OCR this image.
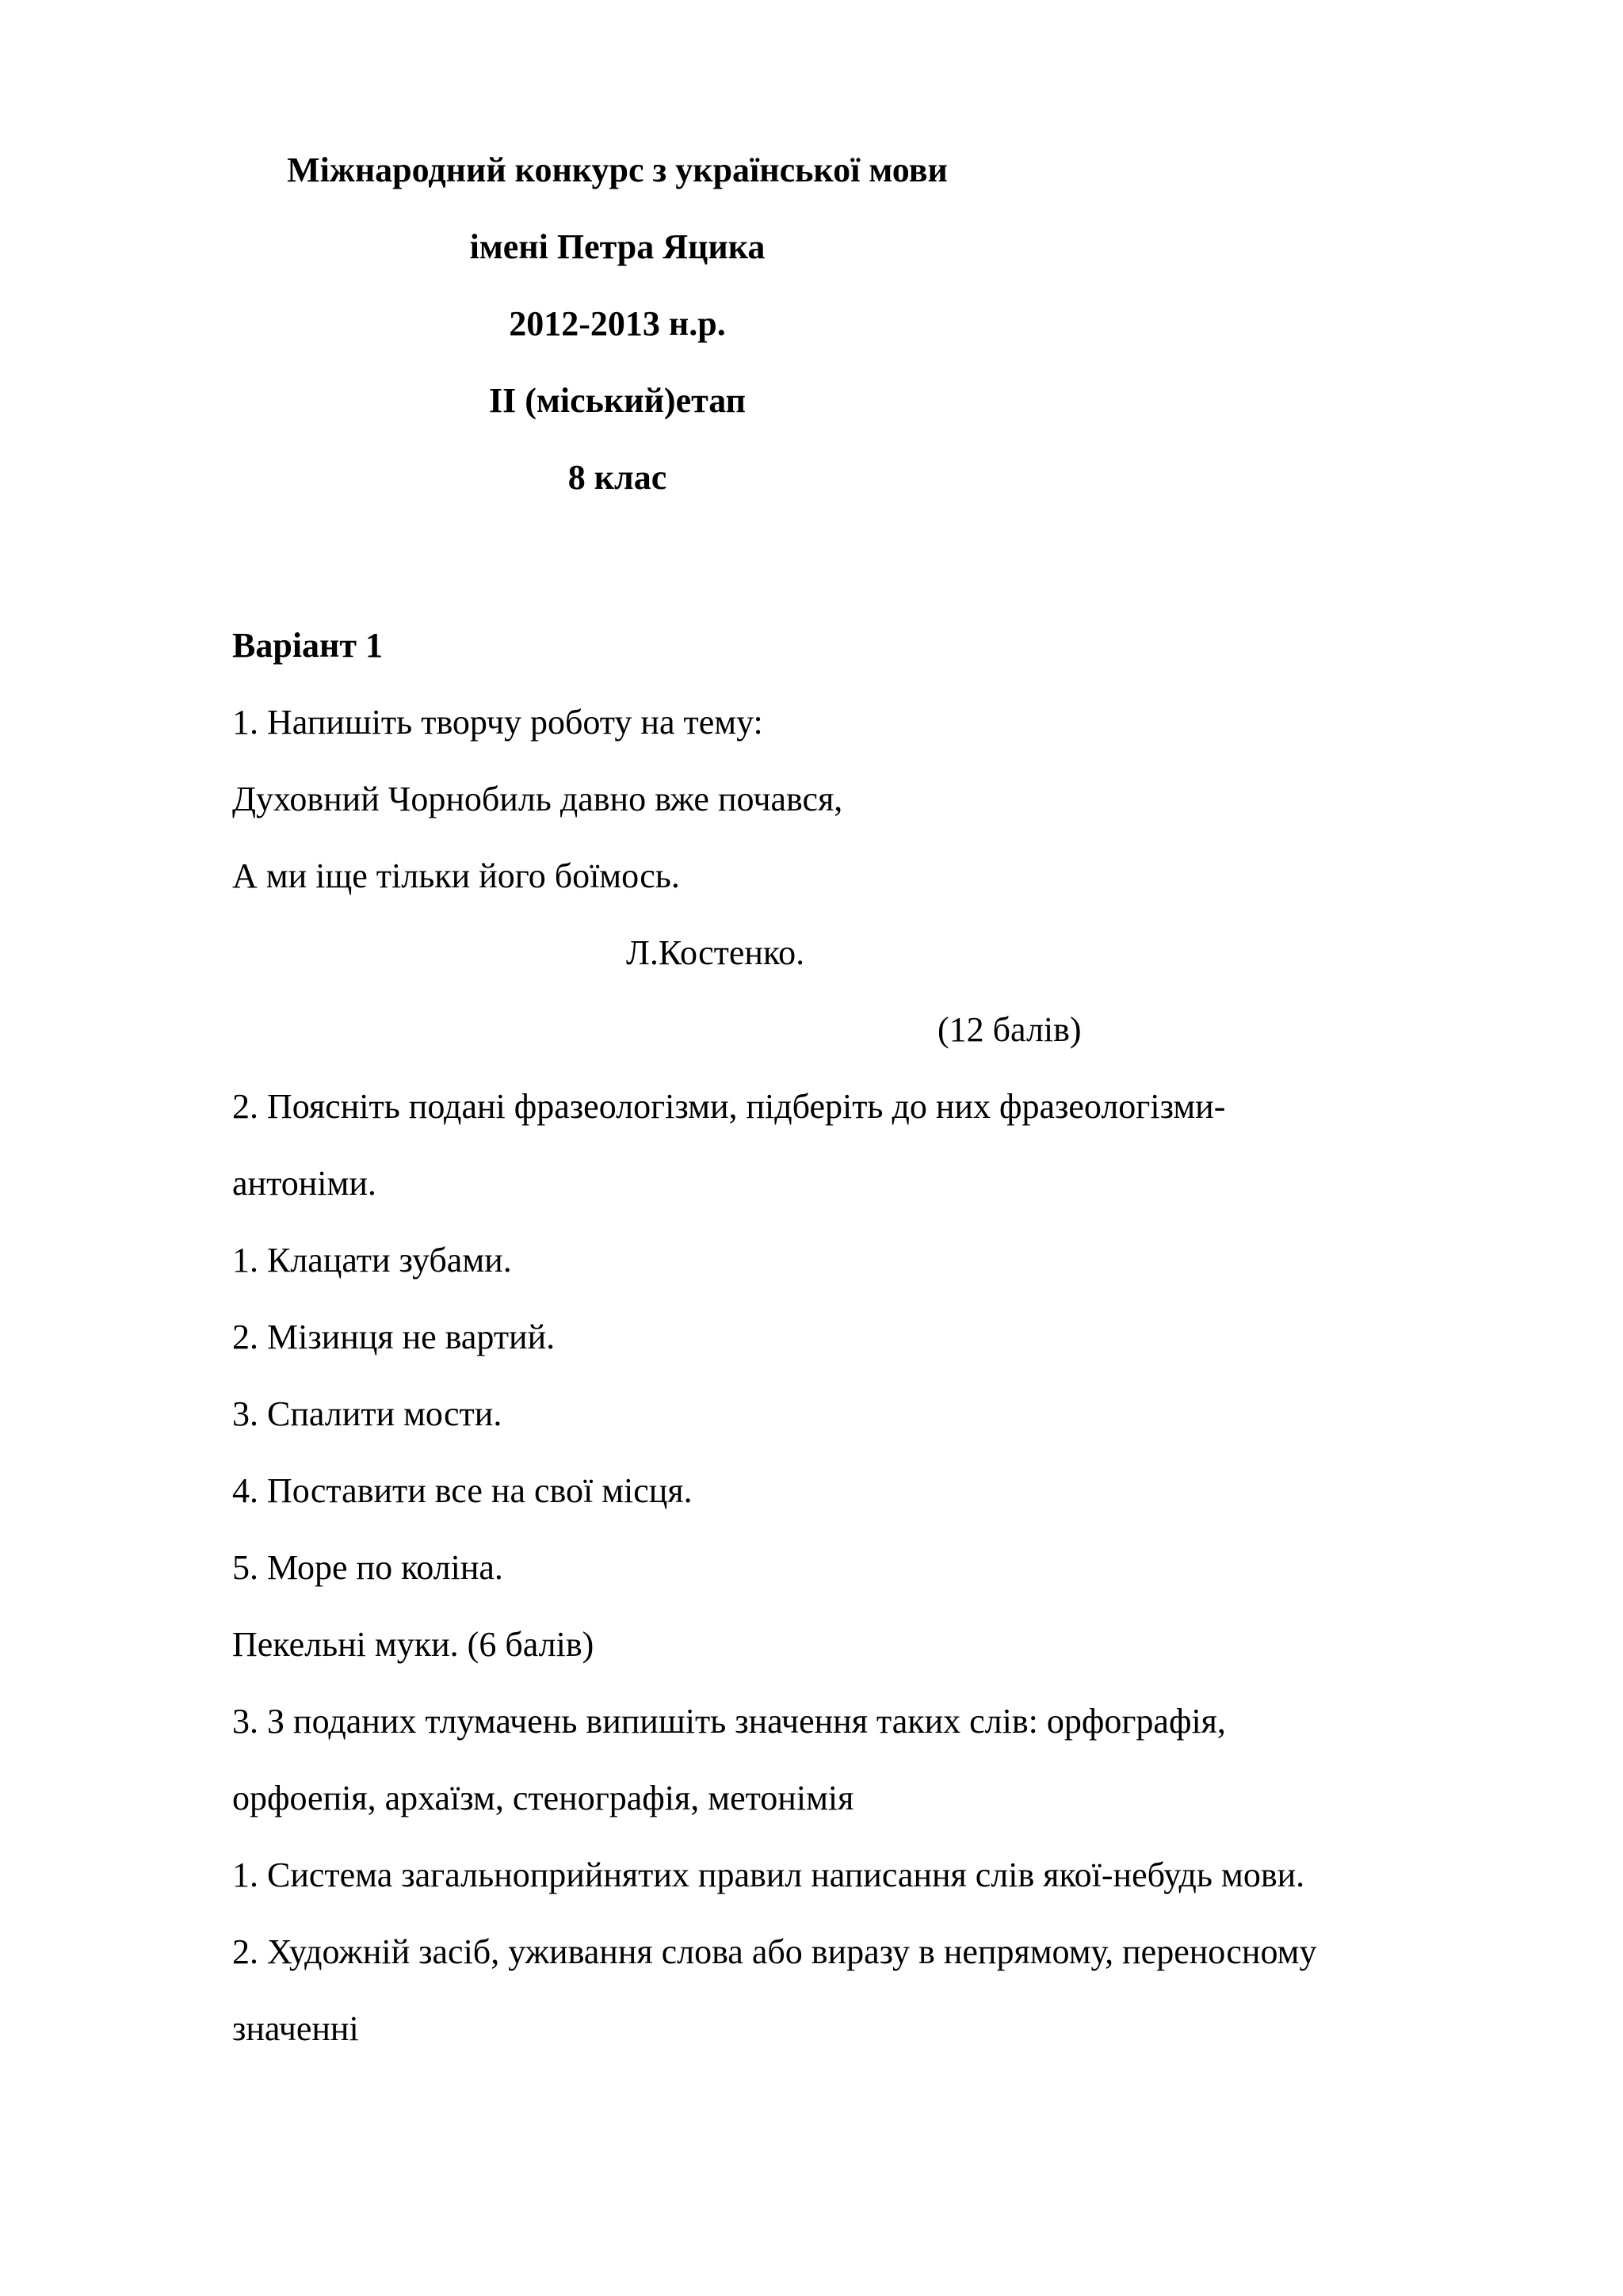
Міжнародний конкурс з української мови
імені Петра Яцика
2012-2013 н.р.
ІІ (міський)етап
8 клас
Варіант 1
1. Напишіть творчу роботу на тему:
Духовний Чорнобиль давно вже почався,
А ми іще тільки його боїмось.
Л.Костенко.
(12 балів)
2. Поясніть подані фразеологізми, підберіть до них фразеологізми-
антоніми.
1. Клацати зубами.
2. Мізинця не вартий.
3. Спалити мости.
4. Поставити все на свої місця.
5. Море по коліна.
Пекельні муки. (6 балів)
3. З поданих тлумачень випишіть значення таких слів: орфографія,
орфоепія, архаїзм, стенографія, метонімія
1. Система загальноприйнятих правил написання слів якої-небудь мови.
2. Художній засіб, уживання слова або виразу в непрямому, переносному
значенні
